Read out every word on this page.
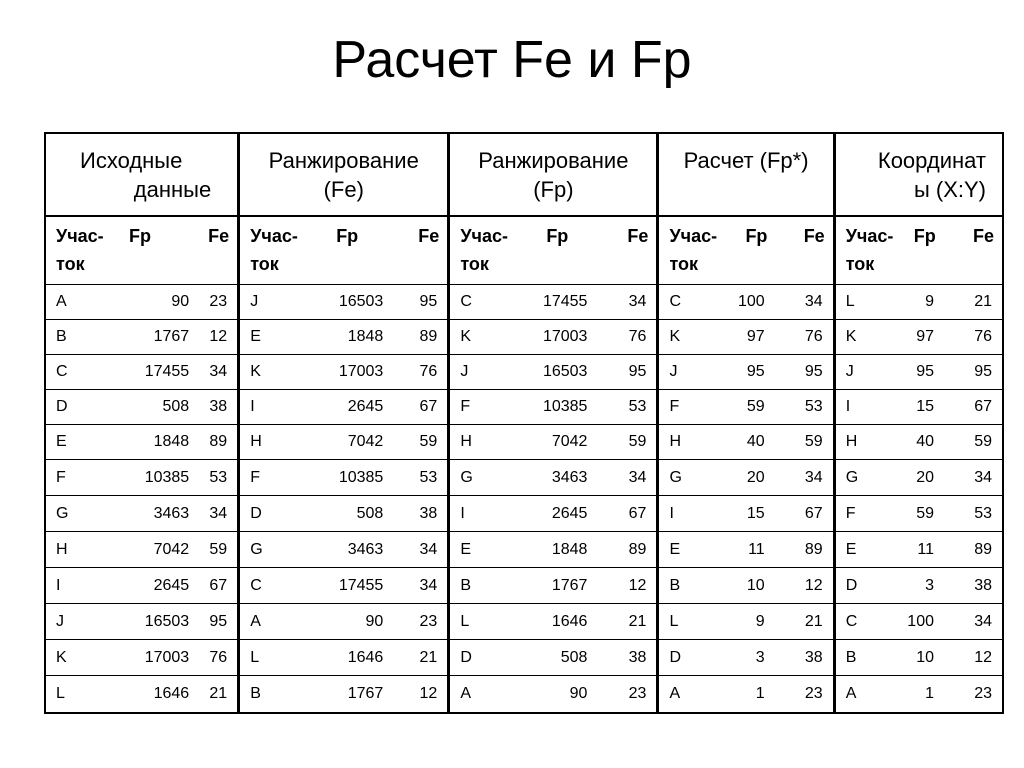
Расчет Fe и Fp
Исходные
данные
Учас-
ток
Fp	Fe
A	90 23
B	1767 12
C	17455 34
D	508 38
E	1848 89
F	10385 53
G	3463 34
H	7042 59
I	2645 67
J	16503 95
K	17003 76
L	1646 21
Ранжирование
(Fe)
Учас-
ток
Fp	Fe
J	16503 95
E	1848 89
K	17003 76
I	2645 67
H	7042 59
F	10385 53
D	508 38
G	3463 34
C	17455 34
A	90 23
L	1646 21
B	1767 12
Ранжирование
(Fp)
Учас-
ток
Fp	Fe
C	17455	34
K	17003	76
J	16503	95
F	10385	53
H	7042	59
G	3463	34
I	2645	67
E	1848	89
B	1767	12
L	1646	21
D	508	38
A	90	23
Расчет (Fp*)
Учас-
ток
Fp Fe
C	100	34
K	97	76
J	95	95
F	59	53
H	40	59
G	20	34
I	15	67
E	11	89
B	10	12
L	9	21
D	3	38
A	1	23
Координат
ы (X:Y)
Учас-
ток
Fp Fe
L	9	21
K	97	76
J	95	95
I	15	67
H	40	59
G	20	34
F	59	53
E	11	89
D	3	38
C	100	34
B	10	12
A	1	23
